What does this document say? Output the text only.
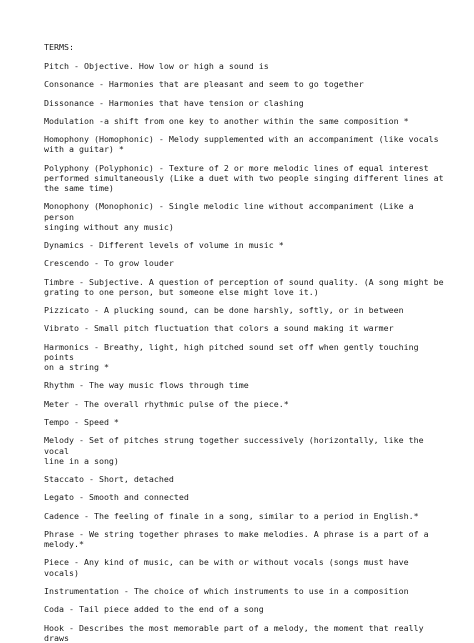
TERMS:
Pitch - Objective. How low or high a sound is
Consonance - Harmonies that are pleasant and seem to go together
Dissonance - Harmonies that have tension or clashing
Modulation -a shift from one key to another within the same composition *
Homophony (Homophonic) - Melody supplemented with an accompaniment (like vocals
with a guitar) *
Polyphony (Polyphonic) - Texture of 2 or more melodic lines of equal interest
performed simultaneously (Like a duet with two people singing different lines at
the same time)
Monophony (Monophonic) - Single melodic line without accompaniment (Like a person
singing without any music)
Dynamics - Different levels of volume in music *
Crescendo - To grow louder
Timbre - Subjective. A question of perception of sound quality. (A song might be
grating to one person, but someone else might love it.)
Pizzicato - A plucking sound, can be done harshly, softly, or in between
Vibrato - Small pitch fluctuation that colors a sound making it warmer
Harmonics - Breathy, light, high pitched sound set off when gently touching points
on a string *
Rhythm - The way music flows through time
Meter - The overall rhythmic pulse of the piece.*
Tempo - Speed *
Melody - Set of pitches strung together successively (horizontally, like the vocal
line in a song)
Staccato - Short, detached
Legato - Smooth and connected
Cadence - The feeling of finale in a song, similar to a period in English.*
Phrase - We string together phrases to make melodies. A phrase is a part of a
melody.*
Piece - Any kind of music, can be with or without vocals (songs must have vocals)
Instrumentation - The choice of which instruments to use in a composition
Coda - Tail piece added to the end of a song
Hook - Describes the most memorable part of a melody, the moment that really draws
